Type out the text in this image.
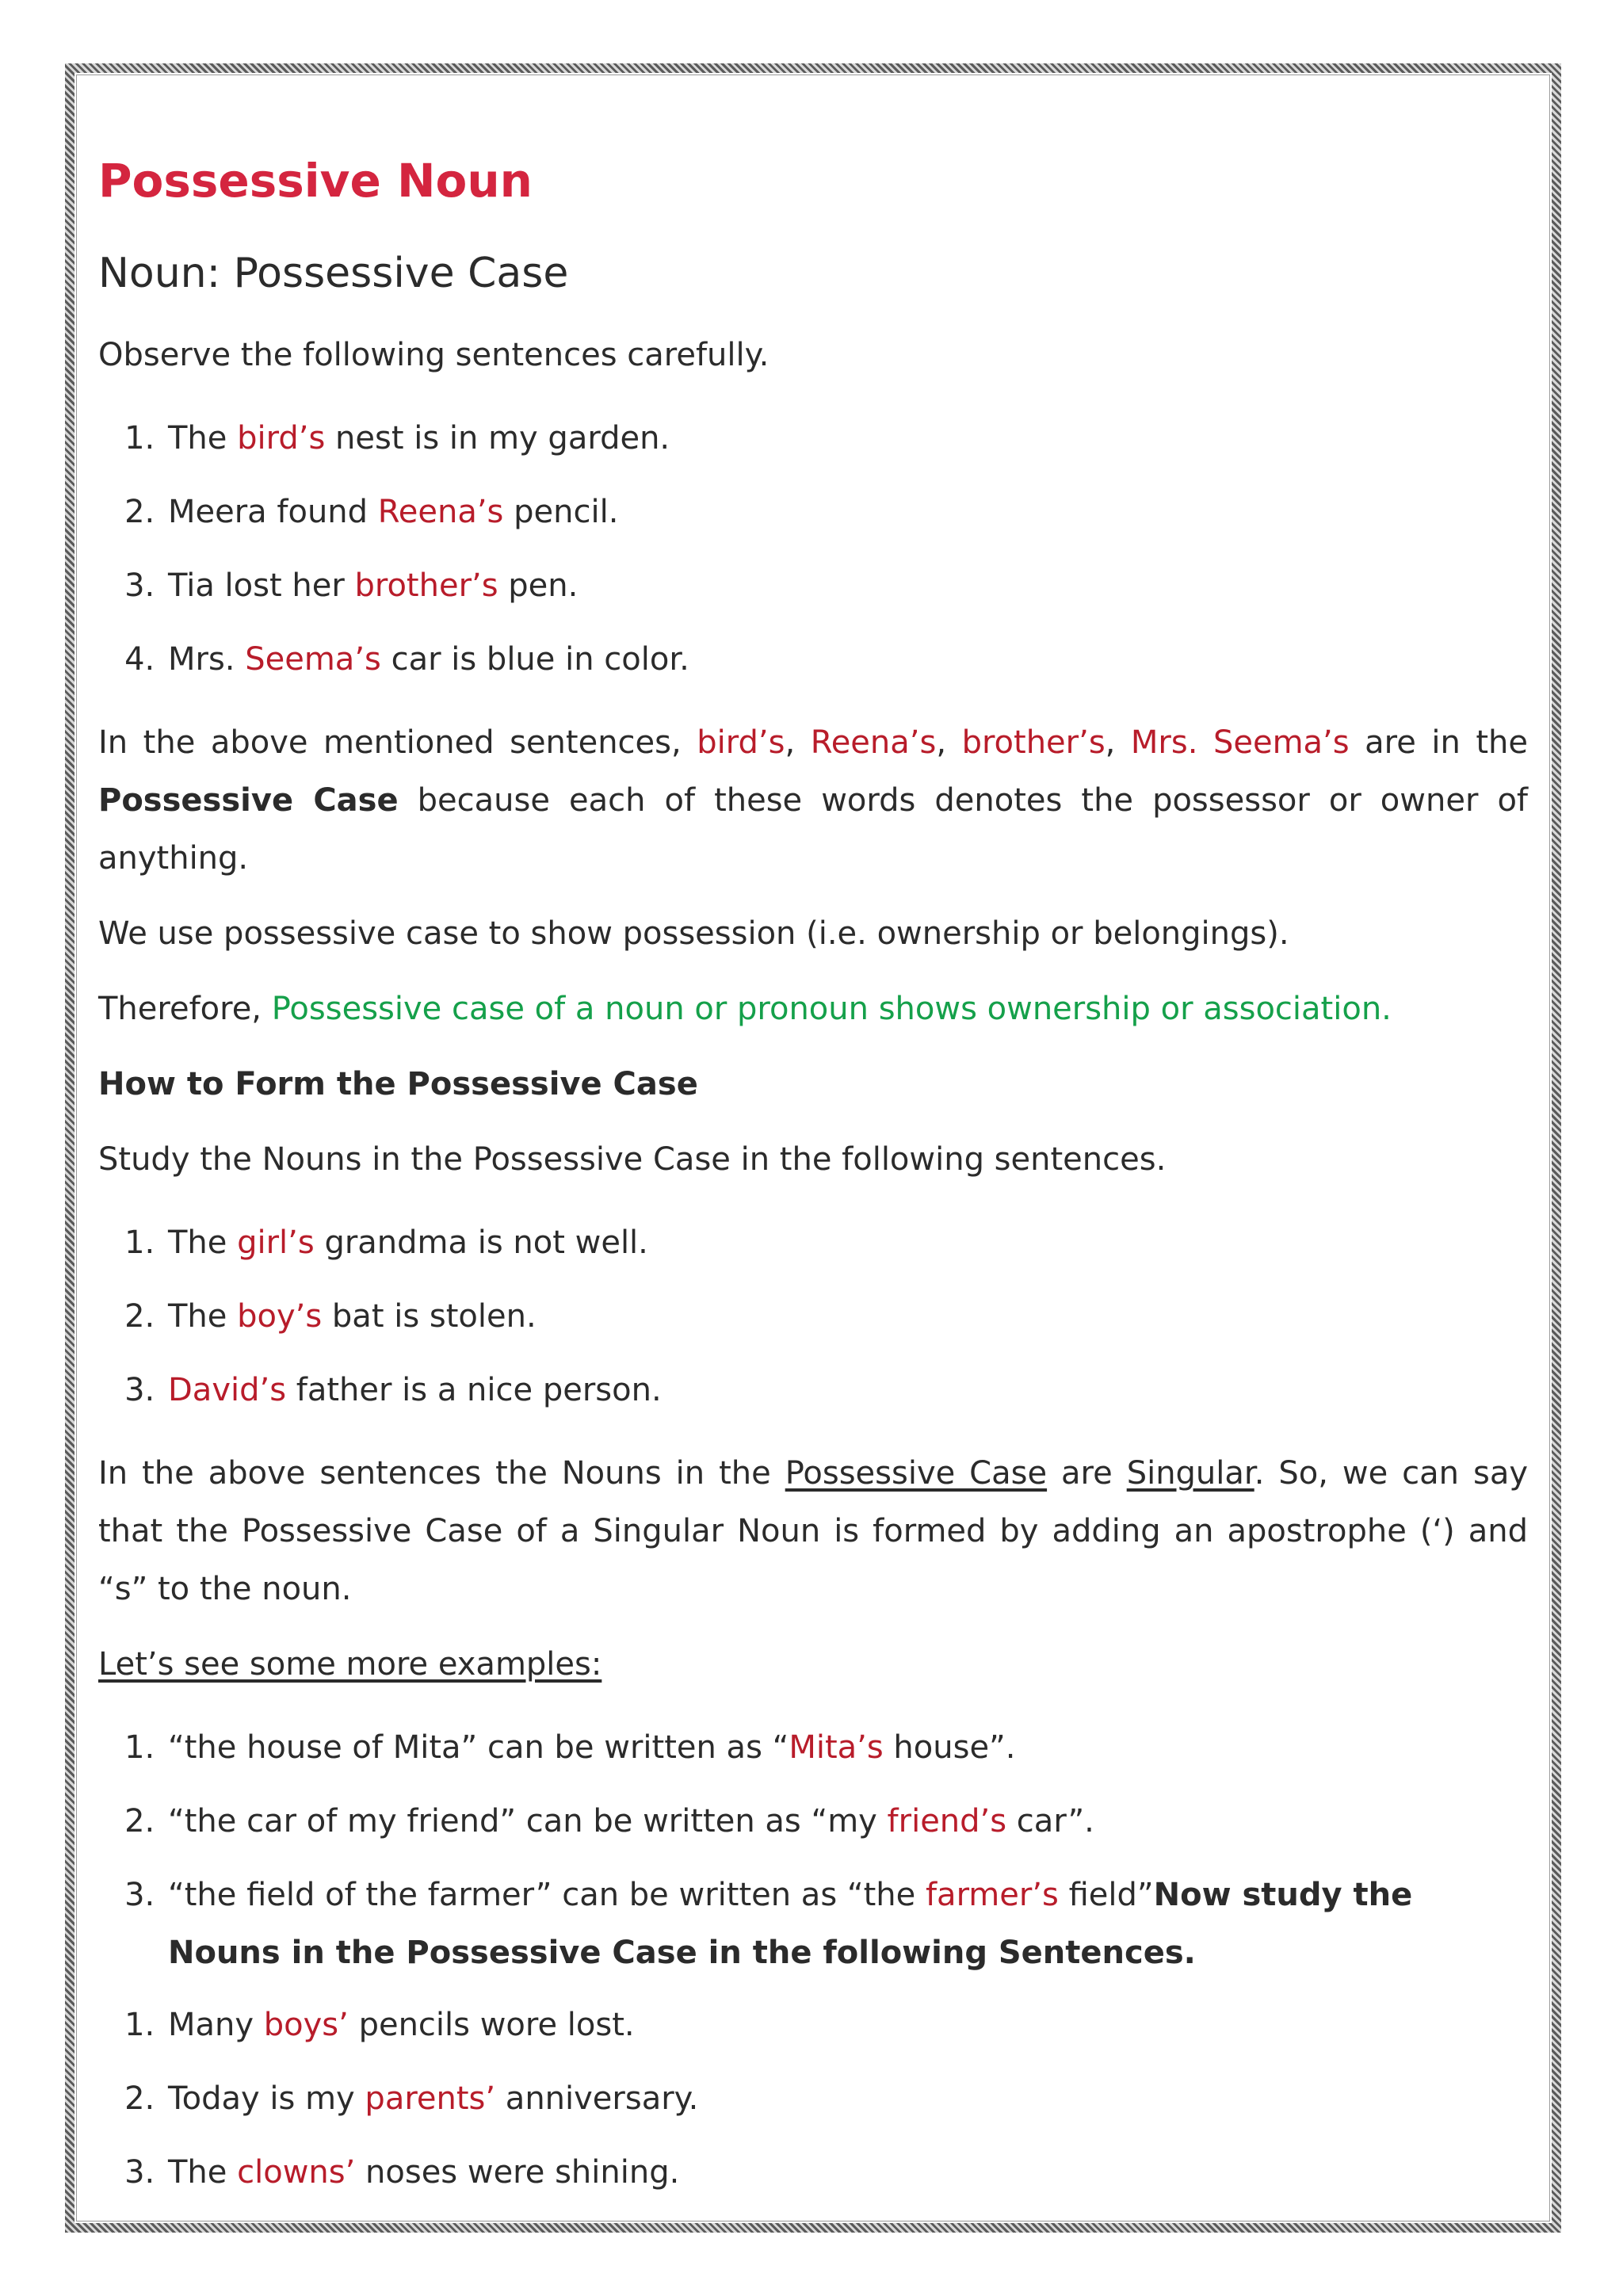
Possessive Noun
Noun: Possessive Case

Observe the following sentences carefully.

1. The bird’s nest is in my garden.
2. Meera found Reena’s pencil.
3. Tia lost her brother’s pen.
4. Mrs. Seema’s car is blue in color.

In the above mentioned sentences, bird’s, Reena’s, brother’s, Mrs. Seema’s are in the Possessive Case because each of these words denotes the possessor or owner of anything.

We use possessive case to show possession (i.e. ownership or belongings).

Therefore, Possessive case of a noun or pronoun shows ownership or association.

How to Form the Possessive Case

Study the Nouns in the Possessive Case in the following sentences.

1. The girl’s grandma is not well.
2. The boy’s bat is stolen.
3. David’s father is a nice person.

In the above sentences the Nouns in the Possessive Case are Singular. So, we can say that the Possessive Case of a Singular Noun is formed by adding an apostrophe (‘) and “s” to the noun.

Let’s see some more examples:

1. “the house of Mita” can be written as “Mita’s house”.
2. “the car of my friend” can be written as “my friend’s car”.
3. “the field of the farmer” can be written as “the farmer’s field”Now study the Nouns in the Possessive Case in the following Sentences.
1. Many boys’ pencils wore lost.
2. Today is my parents’ anniversary.
3. The clowns’ noses were shining.
